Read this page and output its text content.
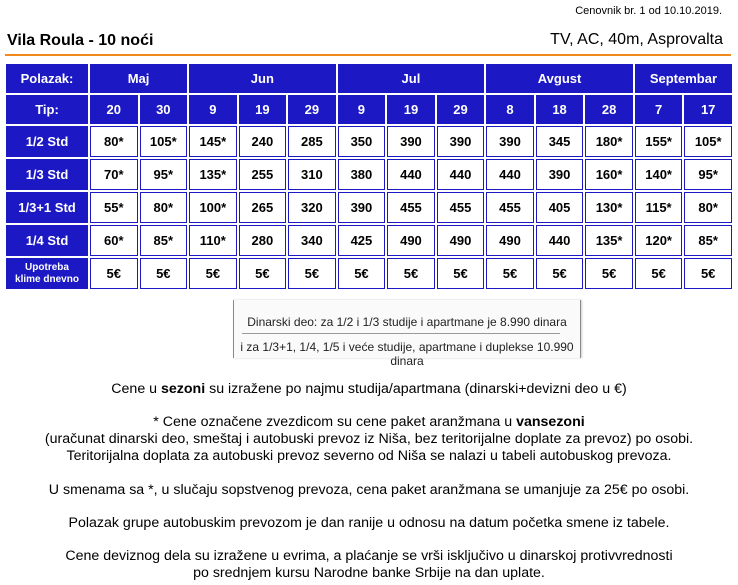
Cenovnik br. 1 od 10.10.2019.
Vila Roula - 10 noći	TV, AC, 40m, Asprovalta
Polazak:	Maj		Jun			Jul			Avgust			Septembar	
Tip:	20	30	9	19	29	9	19	29	8	18	28	7	17
1/2 Std	80*	105*	145*	240	285	350	390	390	390	345	180*	155*	105*
1/3 Std	70*	95*	135*	255	310	380	440	440	440	390	160*	140*	95*
1/3+1 Std	55*	80*	100*	265	320	390	455	455	455	405	130*	115*	80*
1/4 Std	60*	85*	110*	280	340	425	490	490	490	440	135*	120*	85*

Upotreba
klime dnevno	5€	5€	5€	5€	5€	5€	5€	5€	5€	5€	5€	5€	5€
Dinarski deo: za 1/2 i 1/3 studije i apartmane je 8.990 dinara
i za 1/3+1, 1/4, 1/5 i veće studije, apartmane i duplekse 10.990 dinara
Cene u sezoni su izražene po najmu studija/apartmana (dinarski+devizni deo u €)
* Cene označene zvezdicom su cene paket aranžmana u vansezoni
(uračunat dinarski deo, smeštaj i autobuski prevoz iz Niša, bez teritorijalne doplate za prevoz) po osobi.
Teritorijalna doplata za autobuski prevoz severno od Niša se nalazi u tabeli autobuskog prevoza.
U smenama sa *, u slučaju sopstvenog prevoza, cena paket aranžmana se umanjuje za 25€ po osobi.
Polazak grupe autobuskim prevozom je dan ranije u odnosu na datum početka smene iz tabele.
Cene deviznog dela su izražene u evrima, a plaćanje se vrši isključivo u dinarskoj protivvrednosti
po srednjem kursu Narodne banke Srbije na dan uplate.
